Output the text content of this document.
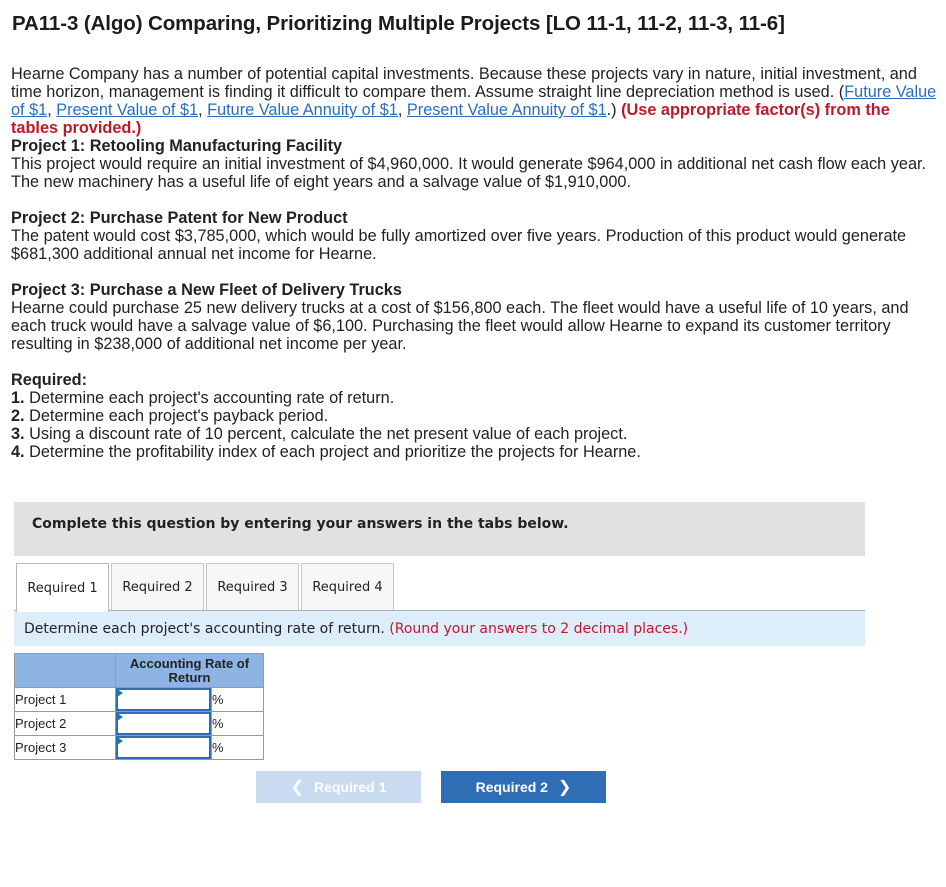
PA11-3 (Algo) Comparing, Prioritizing Multiple Projects [LO 11-1, 11-2, 11-3, 11-6]

Hearne Company has a number of potential capital investments. Because these projects vary in nature, initial investment, and time horizon, management is finding it difficult to compare them. Assume straight line depreciation method is used. (Future Value of $1, Present Value of $1, Future Value Annuity of $1, Present Value Annuity of $1.) (Use appropriate factor(s) from the tables provided.)

Project 1: Retooling Manufacturing Facility
This project would require an initial investment of $4,960,000. It would generate $964,000 in additional net cash flow each year. The new machinery has a useful life of eight years and a salvage value of $1,910,000.

Project 2: Purchase Patent for New Product
The patent would cost $3,785,000, which would be fully amortized over five years. Production of this product would generate $681,300 additional annual net income for Hearne.

Project 3: Purchase a New Fleet of Delivery Trucks
Hearne could purchase 25 new delivery trucks at a cost of $156,800 each. The fleet would have a useful life of 10 years, and each truck would have a salvage value of $6,100. Purchasing the fleet would allow Hearne to expand its customer territory resulting in $238,000 of additional net income per year.

Required:
1. Determine each project's accounting rate of return.
2. Determine each project's payback period.
3. Using a discount rate of 10 percent, calculate the net present value of each project.
4. Determine the profitability index of each project and prioritize the projects for Hearne.
Complete this question by entering your answers in the tabs below.
Required 1	Required 2	Required 3	Required 4
Determine each project's accounting rate of return. (Round your answers to 2 decimal places.)

	Accounting Rate of Return	

Project 1		%
Project 2		%
Project 3		%
❮ Required 1	Required 2 ❯
